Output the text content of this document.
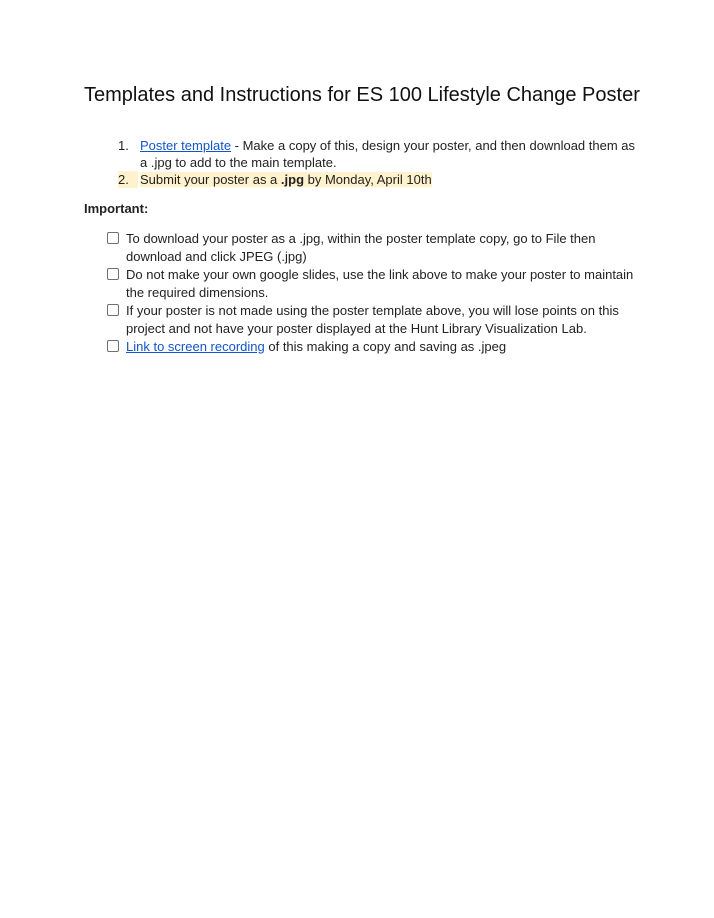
Templates and Instructions for ES 100 Lifestyle Change Poster
1. Poster template - Make a copy of this, design your poster, and then download them as a .jpg to add to the main template.
2. Submit your poster as a .jpg by Monday, April 10th
Important:
To download your poster as a .jpg, within the poster template copy, go to File then download and click JPEG (.jpg)
Do not make your own google slides, use the link above to make your poster to maintain the required dimensions.
If your poster is not made using the poster template above, you will lose points on this project and not have your poster displayed at the Hunt Library Visualization Lab.
Link to screen recording of this making a copy and saving as .jpeg
